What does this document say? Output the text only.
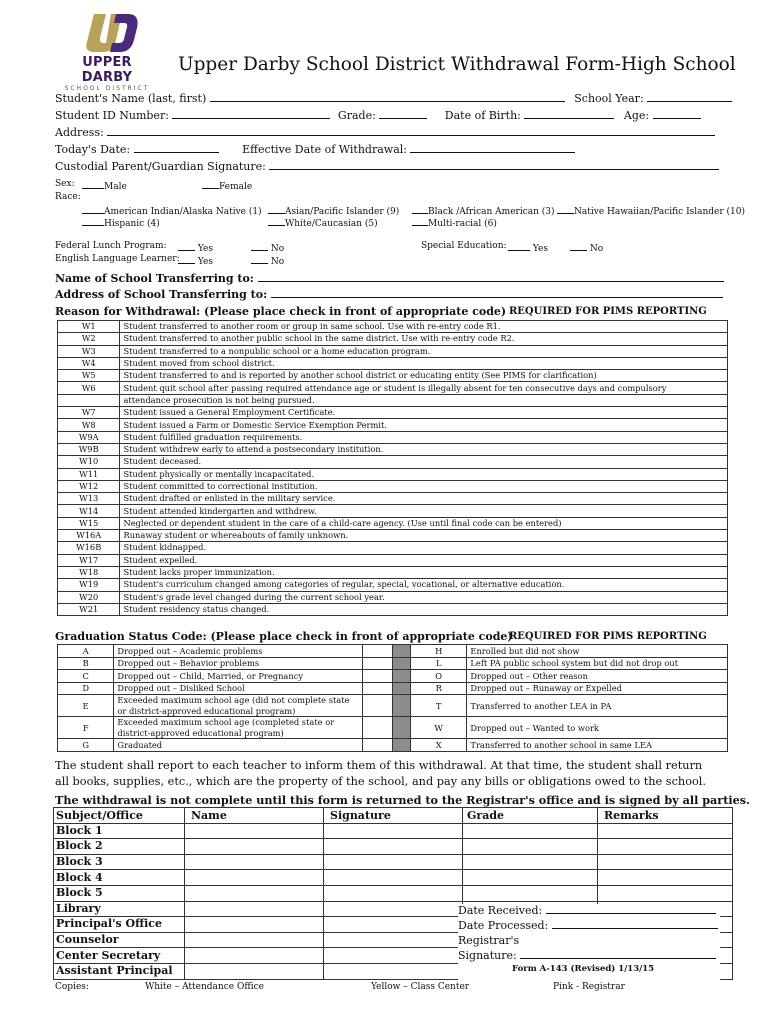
UPPER DARBY
SCHOOL DISTRICT
Upper Darby School District Withdrawal Form-High School
Student's Name (last, first)	School Year:
Student ID Number:	Grade:	Date of Birth:	Age:
Address:
Today's Date:	Effective Date of Withdrawal:
Custodial Parent/Guardian Signature:
Sex:	Male	Female
Race:
American Indian/Alaska Native (1)	Asian/Pacific Islander (9)	Black /African American (3)	Native Hawaiian/Pacific Islander (10)
Hispanic (4)	White/Caucasian (5)	Multi-racial (6)
Federal Lunch Program:	Yes	No
English Language Learner:	Yes	No
Special Education:	Yes	No
Name of School Transferring to:
Address of School Transferring to:
Reason for Withdrawal: (Please place check in front of appropriate code) REQUIRED FOR PIMS REPORTING
W1	Student transferred to another room or group in same school. Use with re-entry code R1.
W2	Student transferred to another public school in the same district. Use with re-entry code R2.
W3	Student transferred to a nonpublic school or a home education program.
W4	Student moved from school district.
W5	Student transferred to and is reported by another school district or educating entity (See PIMS for clarification)
W6	Student quit school after passing required attendance age or student is illegally absent for ten consecutive days and compulsory
	attendance prosecution is not being pursued.
W7	Student issued a General Employment Certificate.
W8	Student issued a Farm or Domestic Service Exemption Permit.
W9A	Student fulfilled graduation requirements.
W9B	Student withdrew early to attend a postsecondary institution.
W10	Student deceased.
W11	Student physically or mentally incapacitated.
W12	Student committed to correctional institution.
W13	Student drafted or enlisted in the military service.
W14	Student attended kindergarten and withdrew.
W15	Neglected or dependent student in the care of a child-care agency. (Use until final code can be entered)
W16A	Runaway student or whereabouts of family unknown.
W16B	Student kidnapped.
W17	Student expelled.
W18	Student lacks proper immunization.
W19	Student's curriculum changed among categories of regular, special, vocational, or alternative education.
W20	Student's grade level changed during the current school year.
W21	Student residency status changed.
Graduation Status Code: (Please place check in front of appropriate code)
REQUIRED FOR PIMS REPORTING
A	Dropped out – Academic problems			H	Enrolled but did not show
B	Dropped out – Behavior problems			L	Left PA public school system but did not drop out
C	Dropped out – Child, Married, or Pregnancy			O	Dropped out – Other reason
D	Dropped out – Disliked School			R	Dropped out – Runaway or Expelled
E	Exceeded maximum school age (did not complete state or district-approved educational program)			T	Transferred to another LEA in PA
F	Exceeded maximum school age (completed state or district-approved educational program)			W	Dropped out – Wanted to work
G	Graduated			X	Transferred to another school in same LEA
The student shall report to each teacher to inform them of this withdrawal. At that time, the student shall return all books, supplies, etc., which are the property of the school, and pay any bills or obligations owed to the school.
The withdrawal is not complete until this form is returned to the Registrar's office and is signed by all parties.
Subject/Office	Name	Signature	Grade	Remarks
Block 1				
Block 2				
Block 3				
Block 4				
Block 5				
Library				
Principal's Office				
Counselor				
Center Secretary				
Assistant Principal				
Date Received:
Date Processed:
Registrar's
Signature:
Form A-143 (Revised) 1/13/15
Copies:	White – Attendance Office	Yellow – Class Center	Pink - Registrar
